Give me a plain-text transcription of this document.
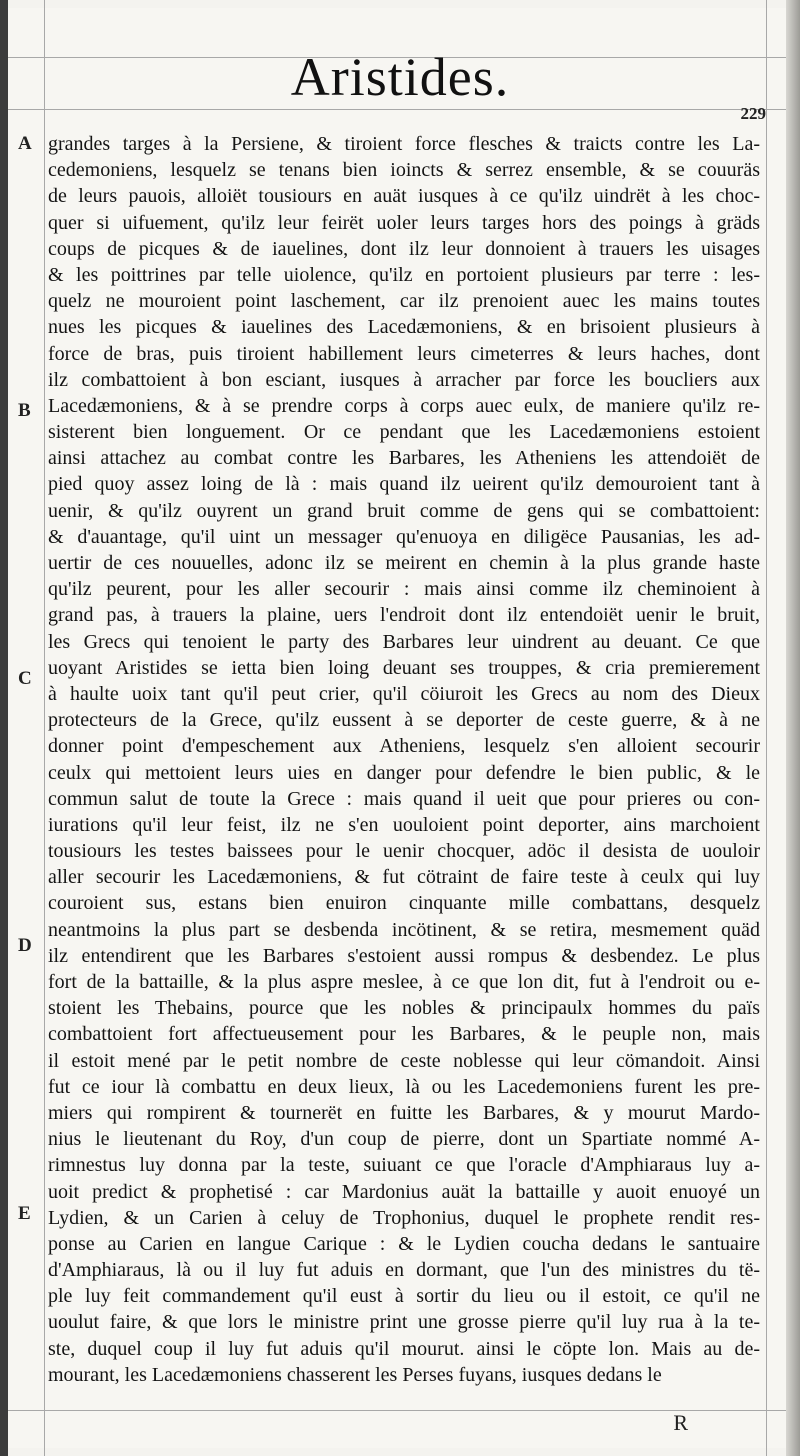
Aristides.
229
A
B
C
D
E
grandes targes à la Persiene, & tiroient force flesches & traicts contre les La-
cedemoniens, lesquelz se tenans bien ioincts & serrez ensemble, & se couuräs
de leurs pauois, alloiët tousiours en auät iusques à ce qu'ilz uindrët à les choc-
quer si uifuement, qu'ilz leur feirët uoler leurs targes hors des poings à gräds
coups de picques & de iauelines, dont ilz leur donnoient à trauers les uisages
& les poittrines par telle uiolence, qu'ilz en portoient plusieurs par terre : les-
quelz ne mouroient point laschement, car ilz prenoient auec les mains toutes
nues les picques & iauelines des Lacedæmoniens, & en brisoient plusieurs à
force de bras, puis tiroient habillement leurs cimeterres & leurs haches, dont
ilz combattoient à bon esciant, iusques à arracher par force les boucliers aux
Lacedæmoniens, & à se prendre corps à corps auec eulx, de maniere qu'ilz re-
sisterent bien longuement. Or ce pendant que les Lacedæmoniens estoient
ainsi attachez au combat contre les Barbares, les Atheniens les attendoiët de
pied quoy assez loing de là : mais quand ilz ueirent qu'ilz demouroient tant à
uenir, & qu'ilz ouyrent un grand bruit comme de gens qui se combattoient:
& d'auantage, qu'il uint un messager qu'enuoya en diligëce Pausanias, les ad-
uertir de ces nouuelles, adonc ilz se meirent en chemin à la plus grande haste
qu'ilz peurent, pour les aller secourir : mais ainsi comme ilz cheminoient à
grand pas, à trauers la plaine, uers l'endroit dont ilz entendoiët uenir le bruit,
les Grecs qui tenoient le party des Barbares leur uindrent au deuant. Ce que
uoyant Aristides se ietta bien loing deuant ses trouppes, & cria premierement
à haulte uoix tant qu'il peut crier, qu'il cöiuroit les Grecs au nom des Dieux
protecteurs de la Grece, qu'ilz eussent à se deporter de ceste guerre, & à ne
donner point d'empeschement aux Atheniens, lesquelz s'en alloient secourir
ceulx qui mettoient leurs uies en danger pour defendre le bien public, & le
commun salut de toute la Grece : mais quand il ueit que pour prieres ou con-
iurations qu'il leur feist, ilz ne s'en uouloient point deporter, ains marchoient
tousiours les testes baissees pour le uenir chocquer, adöc il desista de uouloir
aller secourir les Lacedæmoniens, & fut cötraint de faire teste à ceulx qui luy
couroient sus, estans bien enuiron cinquante mille combattans, desquelz
neantmoins la plus part se desbenda incötinent, & se retira, mesmement quäd
ilz entendirent que les Barbares s'estoient aussi rompus & desbendez. Le plus
fort de la battaille, & la plus aspre meslee, à ce que lon dit, fut à l'endroit ou e-
stoient les Thebains, pource que les nobles & principaulx hommes du païs
combattoient fort affectueusement pour les Barbares, & le peuple non, mais
il estoit mené par le petit nombre de ceste noblesse qui leur cömandoit. Ainsi
fut ce iour là combattu en deux lieux, là ou les Lacedemoniens furent les pre-
miers qui rompirent & tournerët en fuitte les Barbares, & y mourut Mardo-
nius le lieutenant du Roy, d'un coup de pierre, dont un Spartiate nommé A-
rimnestus luy donna par la teste, suiuant ce que l'oracle d'Amphiaraus luy a-
uoit predict & prophetisé : car Mardonius auät la battaille y auoit enuoyé un
Lydien, & un Carien à celuy de Trophonius, duquel le prophete rendit res-
ponse au Carien en langue Carique : & le Lydien coucha dedans le santuaire
d'Amphiaraus, là ou il luy fut aduis en dormant, que l'un des ministres du të-
ple luy feit commandement qu'il eust à sortir du lieu ou il estoit, ce qu'il ne
uoulut faire, & que lors le ministre print une grosse pierre qu'il luy rua à la te-
ste, duquel coup il luy fut aduis qu'il mourut. ainsi le cöpte lon. Mais au de-
mourant, les Lacedæmoniens chasserent les Perses fuyans, iusques dedans le
R
